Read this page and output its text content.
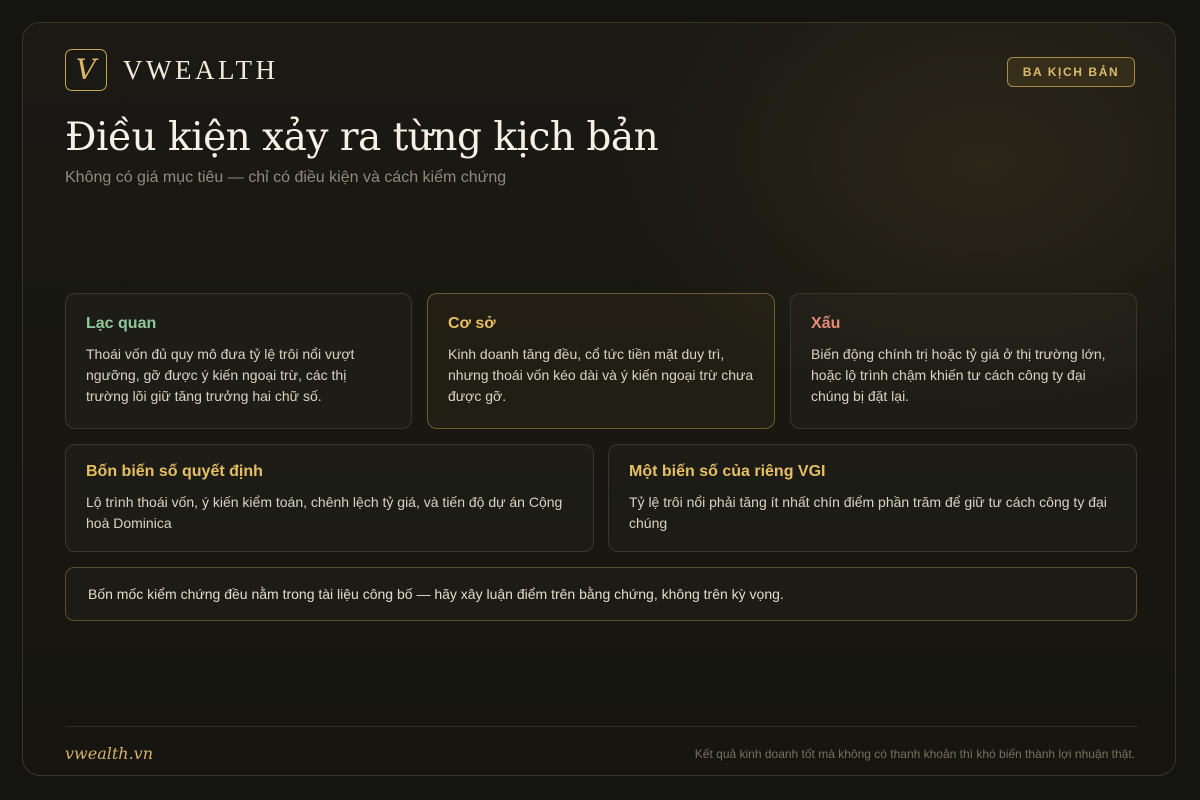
V VWEALTH	BA KỊCH BẢN
Điều kiện xảy ra từng kịch bản
Không có giá mục tiêu — chỉ có điều kiện và cách kiểm chứng
Lạc quan

Thoái vốn đủ quy mô đưa tỷ lệ trôi nổi vượt ngưỡng, gỡ được ý kiến ngoại trừ, các thị trường lõi giữ tăng trưởng hai chữ số.

Cơ sở

Kinh doanh tăng đều, cổ tức tiền mặt duy trì, nhưng thoái vốn kéo dài và ý kiến ngoại trừ chưa được gỡ.

Xấu

Biến động chính trị hoặc tỷ giá ở thị trường lớn, hoặc lộ trình chậm khiến tư cách công ty đại chúng bị đặt lại.

Bốn biến số quyết định

Lộ trình thoái vốn, ý kiến kiểm toán, chênh lệch tỷ giá, và tiến độ dự án Cộng hoà Dominica

Một biến số của riêng VGI

Tỷ lệ trôi nổi phải tăng ít nhất chín điểm phần trăm để giữ tư cách công ty đại chúng

Bốn mốc kiểm chứng đều nằm trong tài liệu công bố — hãy xây luận điểm trên bằng chứng, không trên kỳ vọng.
vwealth.vn	Kết quả kinh doanh tốt mà không có thanh khoản thì khó biến thành lợi nhuận thật.
